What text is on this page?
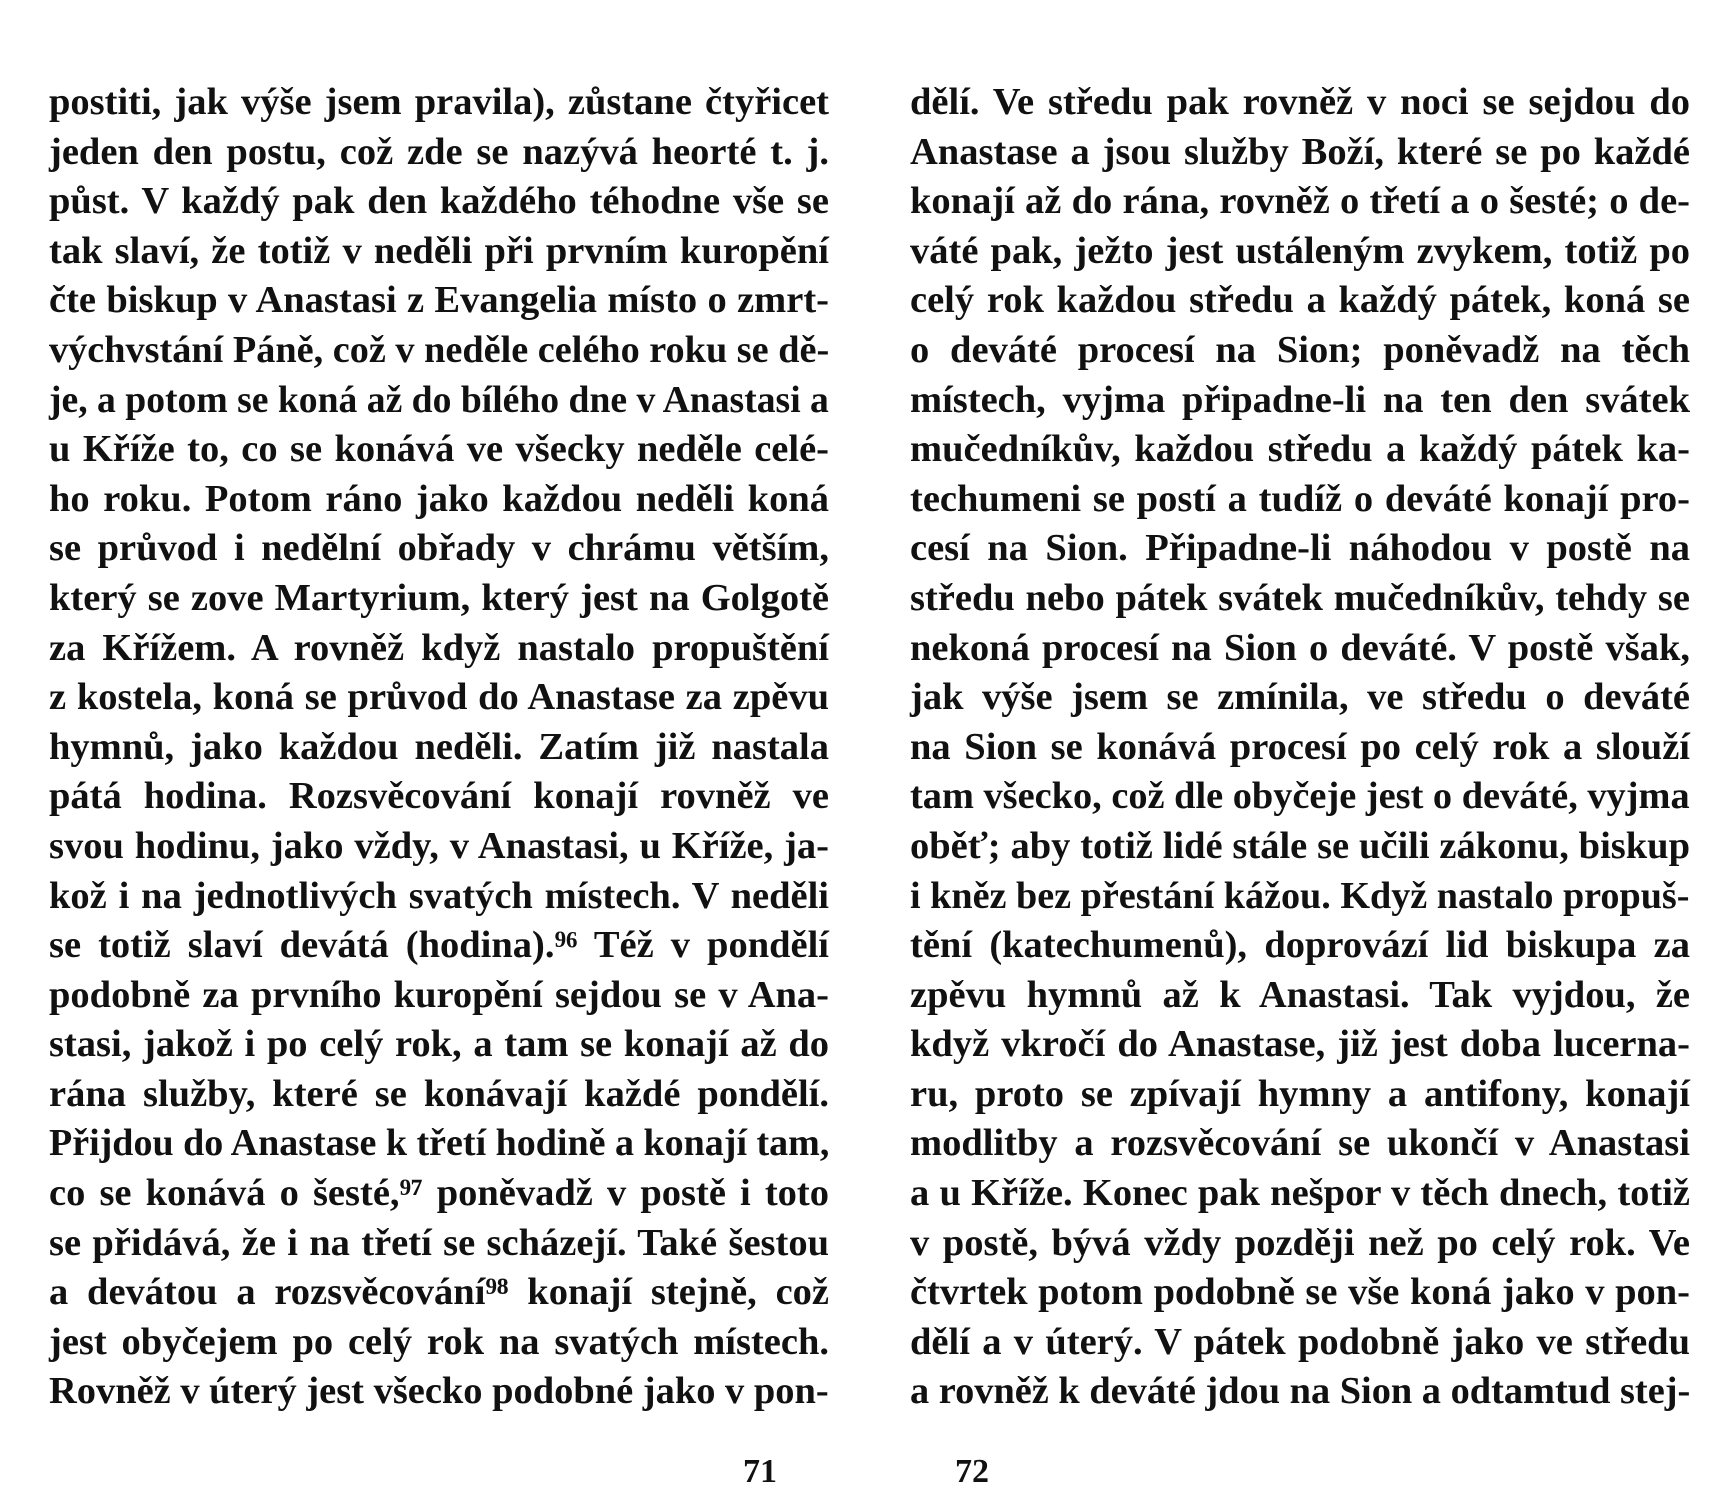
postiti, jak výše jsem pravila), zůstane čtyřicet
jeden den postu, což zde se nazývá heorté t. j.
půst. V každý pak den každého téhodne vše se
tak slaví, že totiž v neděli při prvním kuropění
čte biskup v Anastasi z Evangelia místo o zmrt-
výchvstání Páně, což v neděle celého roku se dě-
je, a potom se koná až do bílého dne v Anastasi a
u Kříže to, co se konává ve všecky neděle celé-
ho roku. Potom ráno jako každou neděli koná
se průvod i nedělní obřady v chrámu větším,
který se zove Martyrium, který jest na Golgotě
za Křížem. A rovněž když nastalo propuštění
z kostela, koná se průvod do Anastase za zpěvu
hymnů, jako každou neděli. Zatím již nastala
pátá hodina. Rozsvěcování konají rovněž ve
svou hodinu, jako vždy, v Anastasi, u Kříže, ja-
kož i na jednotlivých svatých místech. V neděli
se totiž slaví devátá (hodina).⁹⁶ Též v pondělí
podobně za prvního kuropění sejdou se v Ana-
stasi, jakož i po celý rok, a tam se konají až do
rána služby, které se konávají každé pondělí.
Přijdou do Anastase k třetí hodině a konají tam,
co se konává o šesté,⁹⁷ poněvadž v postě i toto
se přidává, že i na třetí se scházejí. Také šestou
a devátou a rozsvěcování⁹⁸ konají stejně, což
jest obyčejem po celý rok na svatých místech.
Rovněž v úterý jest všecko podobné jako v pon-
dělí. Ve středu pak rovněž v noci se sejdou do
Anastase a jsou služby Boží, které se po každé
konají až do rána, rovněž o třetí a o šesté; o de-
váté pak, ježto jest ustáleným zvykem, totiž po
celý rok každou středu a každý pátek, koná se
o deváté procesí na Sion; poněvadž na těch
místech, vyjma připadne-li na ten den svátek
mučedníkův, každou středu a každý pátek ka-
techumeni se postí a tudíž o deváté konají pro-
cesí na Sion. Připadne-li náhodou v postě na
středu nebo pátek svátek mučedníkův, tehdy se
nekoná procesí na Sion o deváté. V postě však,
jak výše jsem se zmínila, ve středu o deváté
na Sion se konává procesí po celý rok a slouží
tam všecko, což dle obyčeje jest o deváté, vyjma
oběť; aby totiž lidé stále se učili zákonu, biskup
i kněz bez přestání kážou. Když nastalo propuš-
tění (katechumenů), doprovází lid biskupa za
zpěvu hymnů až k Anastasi. Tak vyjdou, že
když vkročí do Anastase, již jest doba lucerna-
ru, proto se zpívají hymny a antifony, konají
modlitby a rozsvěcování se ukončí v Anastasi
a u Kříže. Konec pak nešpor v těch dnech, totiž
v postě, bývá vždy později než po celý rok. Ve
čtvrtek potom podobně se vše koná jako v pon-
dělí a v úterý. V pátek podobně jako ve středu
a rovněž k deváté jdou na Sion a odtamtud stej-
71	72
